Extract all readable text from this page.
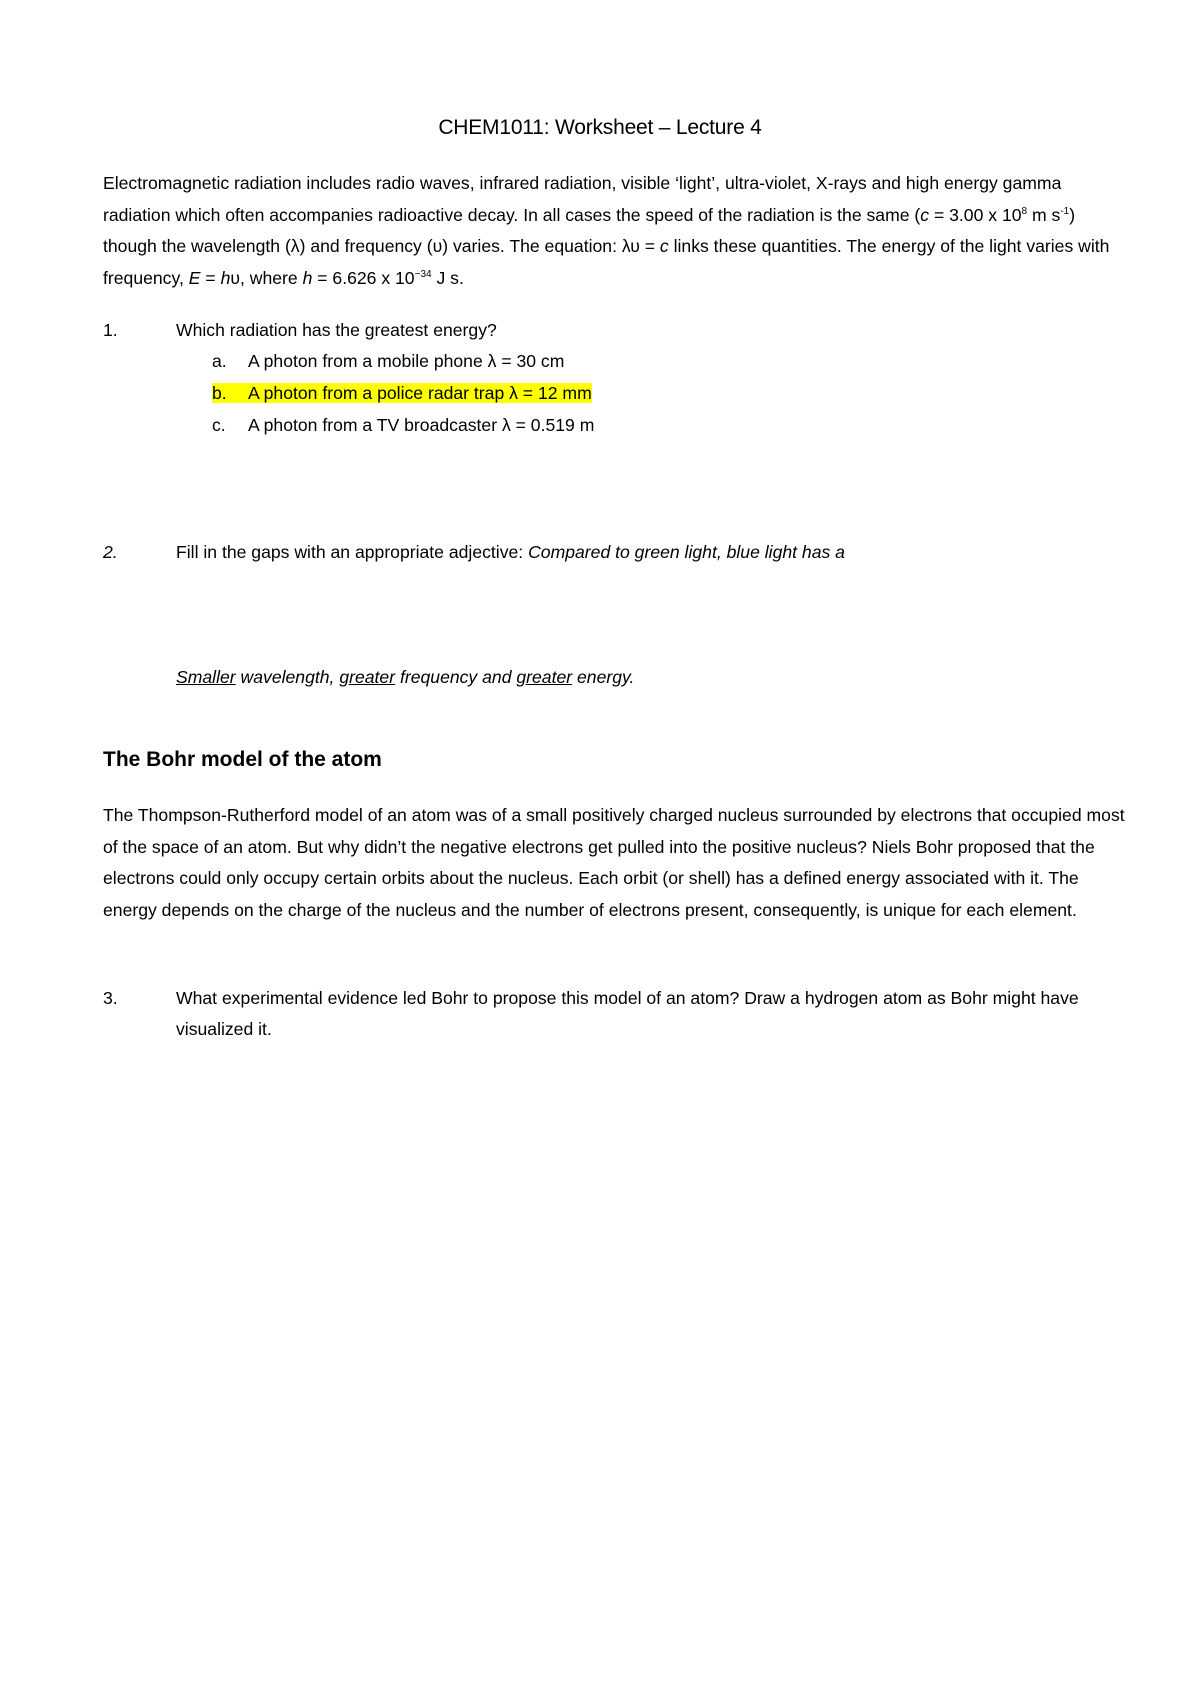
CHEM1011: Worksheet – Lecture 4
Electromagnetic radiation includes radio waves, infrared radiation, visible ‘light’, ultra-violet, X-rays and high energy gamma radiation which often accompanies radioactive decay. In all cases the speed of the radiation is the same (c = 3.00 x $10^8$ m $s^{-1}$) though the wavelength (λ) and frequency (υ) varies. The equation: λυ = c links these quantities. The energy of the light varies with frequency, E = hυ, where h = 6.626 x $10^{-34}$ J s.
1.	Which radiation has the greatest energy?
a. A photon from a mobile phone λ = 30 cm
b. A photon from a police radar trap λ = 12 mm
c. A photon from a TV broadcaster λ = 0.519 m
2.	Fill in the gaps with an appropriate adjective: Compared to green light, blue light has a
Smaller wavelength, greater frequency and greater energy.
The Bohr model of the atom
The Thompson-Rutherford model of an atom was of a small positively charged nucleus surrounded by electrons that occupied most of the space of an atom. But why didn’t the negative electrons get pulled into the positive nucleus? Niels Bohr proposed that the electrons could only occupy certain orbits about the nucleus. Each orbit (or shell) has a defined energy associated with it. The energy depends on the charge of the nucleus and the number of electrons present, consequently, is unique for each element.
3.	What experimental evidence led Bohr to propose this model of an atom? Draw a hydrogen atom as Bohr might have visualized it.
